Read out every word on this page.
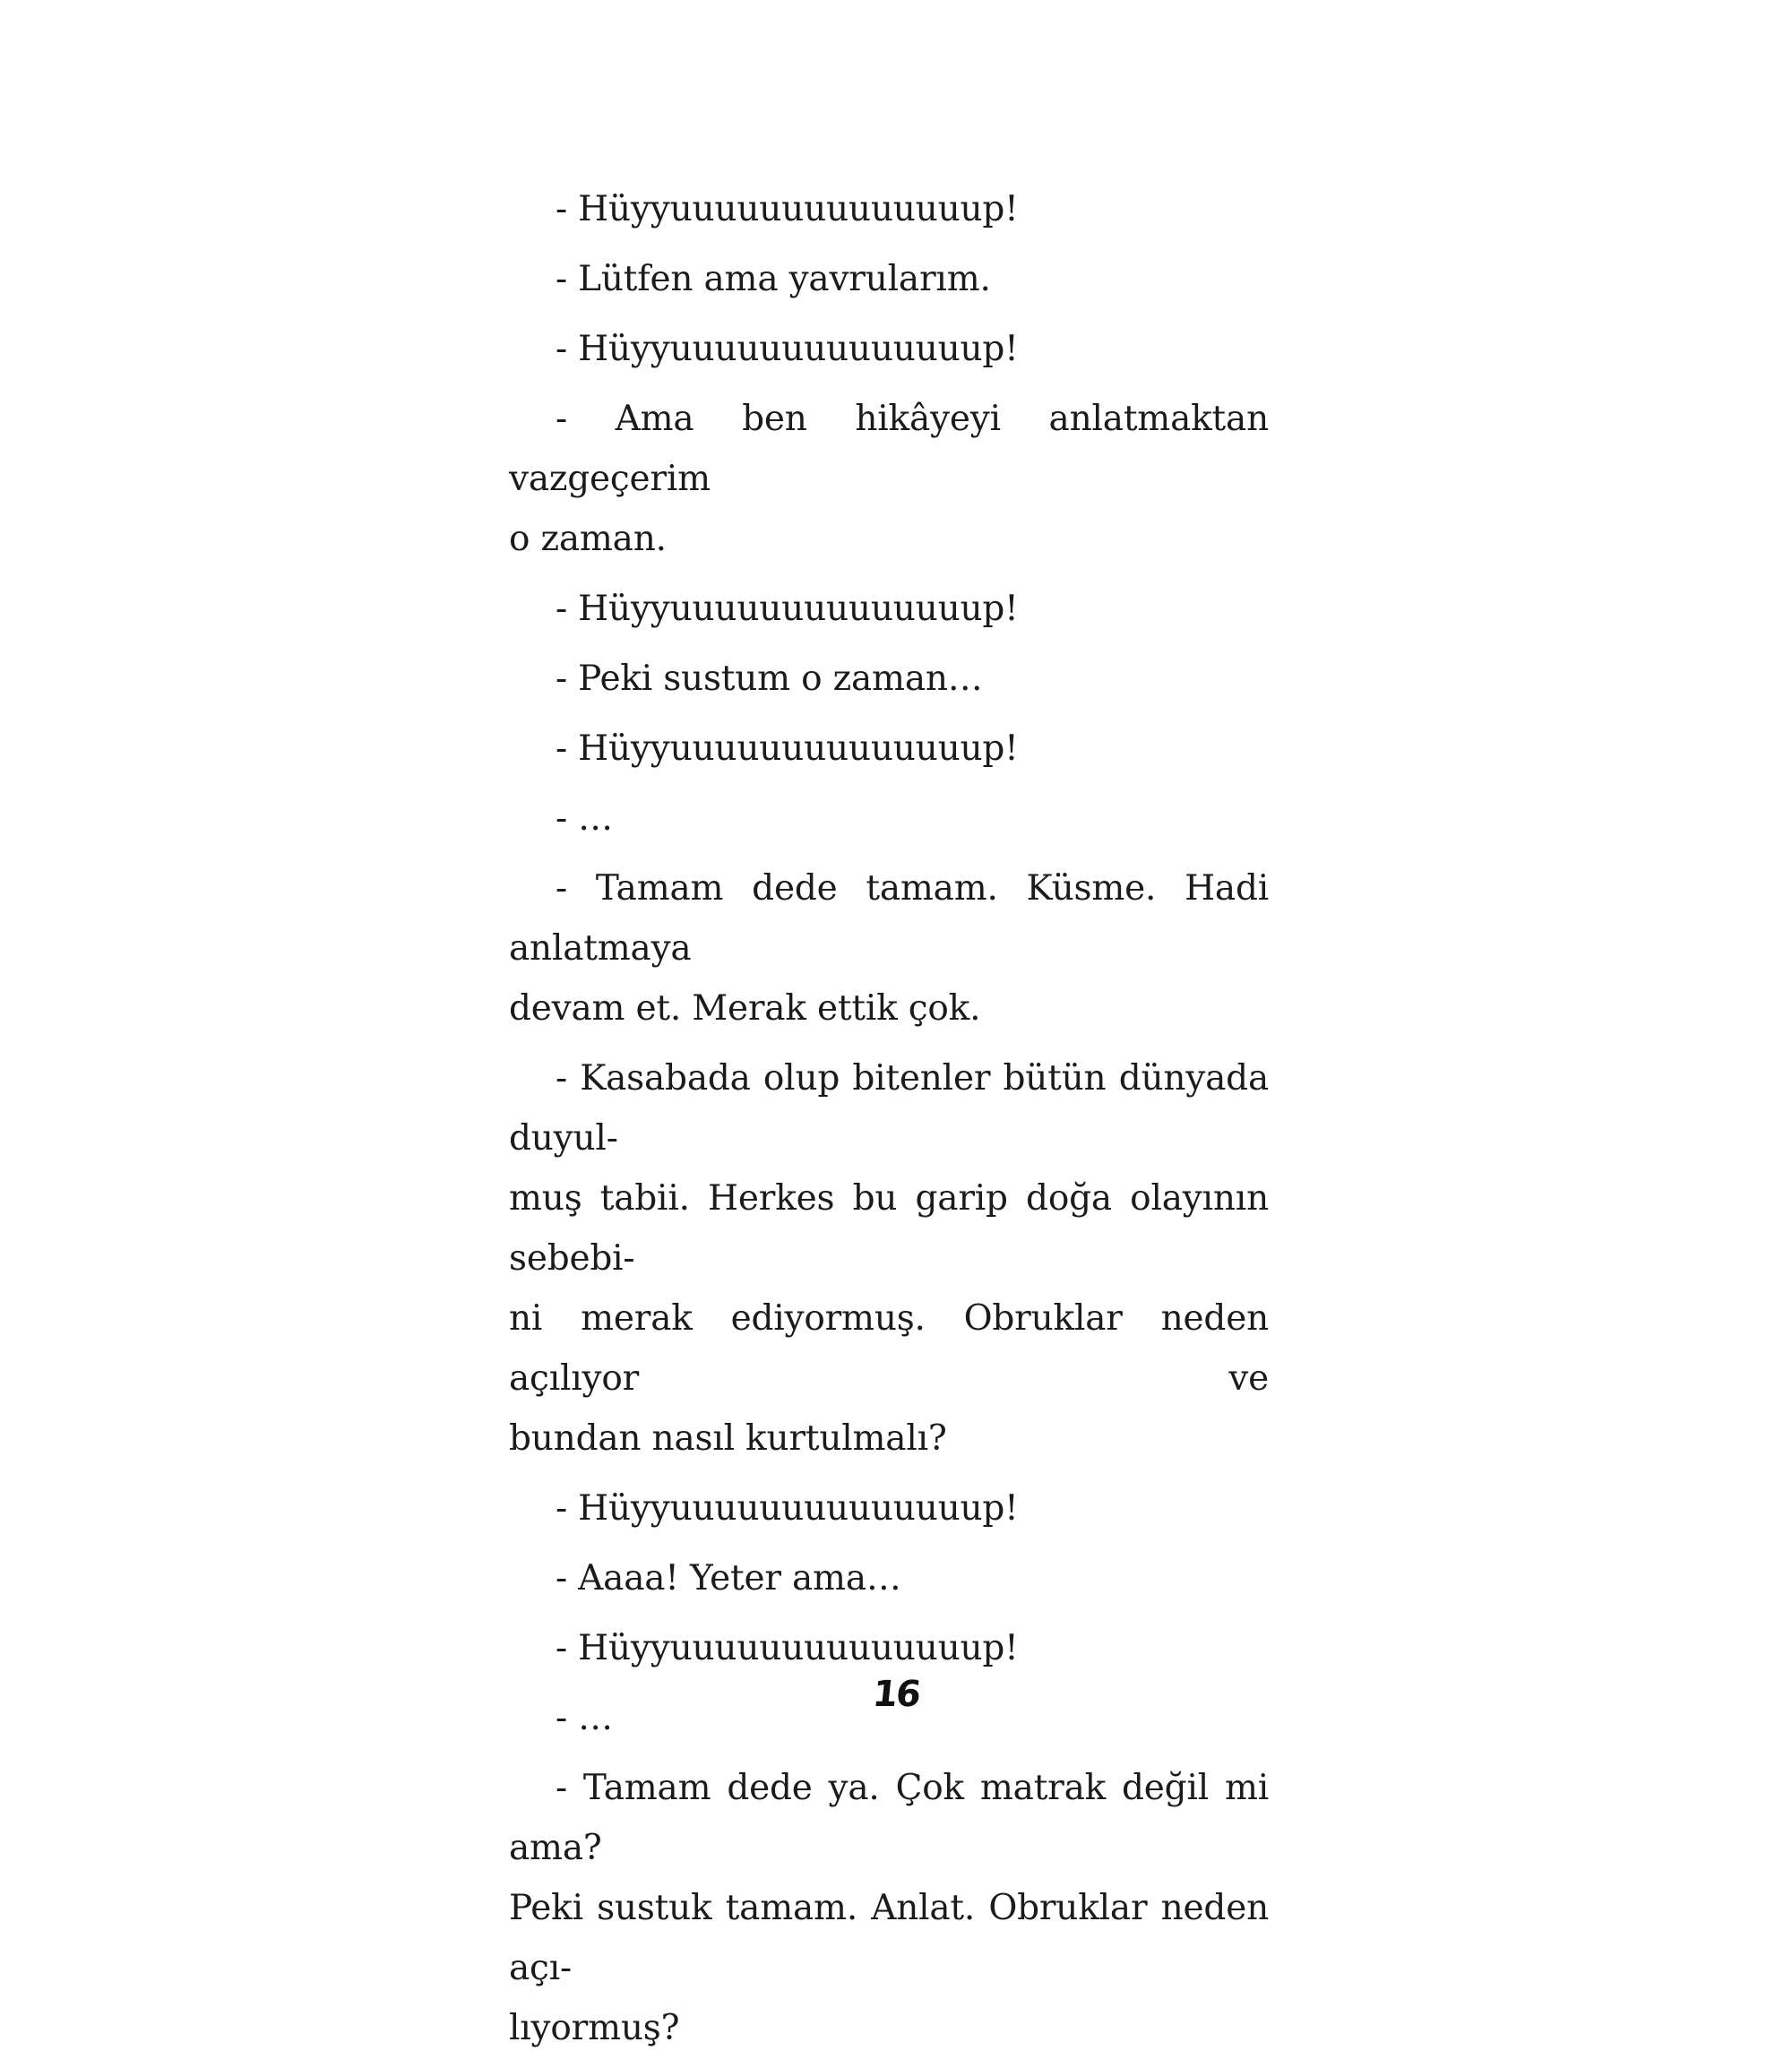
- Hüyyuuuuuuuuuuuuuup!

- Lütfen ama yavrularım.

- Hüyyuuuuuuuuuuuuuup!

- Ama ben hikâyeyi anlatmaktan vazgeçerim
o zaman.

- Hüyyuuuuuuuuuuuuuup!

- Peki sustum o zaman…

- Hüyyuuuuuuuuuuuuuup!

- …

- Tamam dede tamam. Küsme. Hadi anlatmaya
devam et. Merak ettik çok.

- Kasabada olup bitenler bütün dünyada duyul-
muş tabii. Herkes bu garip doğa olayının sebebi-
ni merak ediyormuş. Obruklar neden açılıyor ve
bundan nasıl kurtulmalı?

- Hüyyuuuuuuuuuuuuuup!

- Aaaa! Yeter ama…

- Hüyyuuuuuuuuuuuuuup!

- …

- Tamam dede ya. Çok matrak değil mi ama?
Peki sustuk tamam. Anlat. Obruklar neden açı-
lıyormuş?

16
